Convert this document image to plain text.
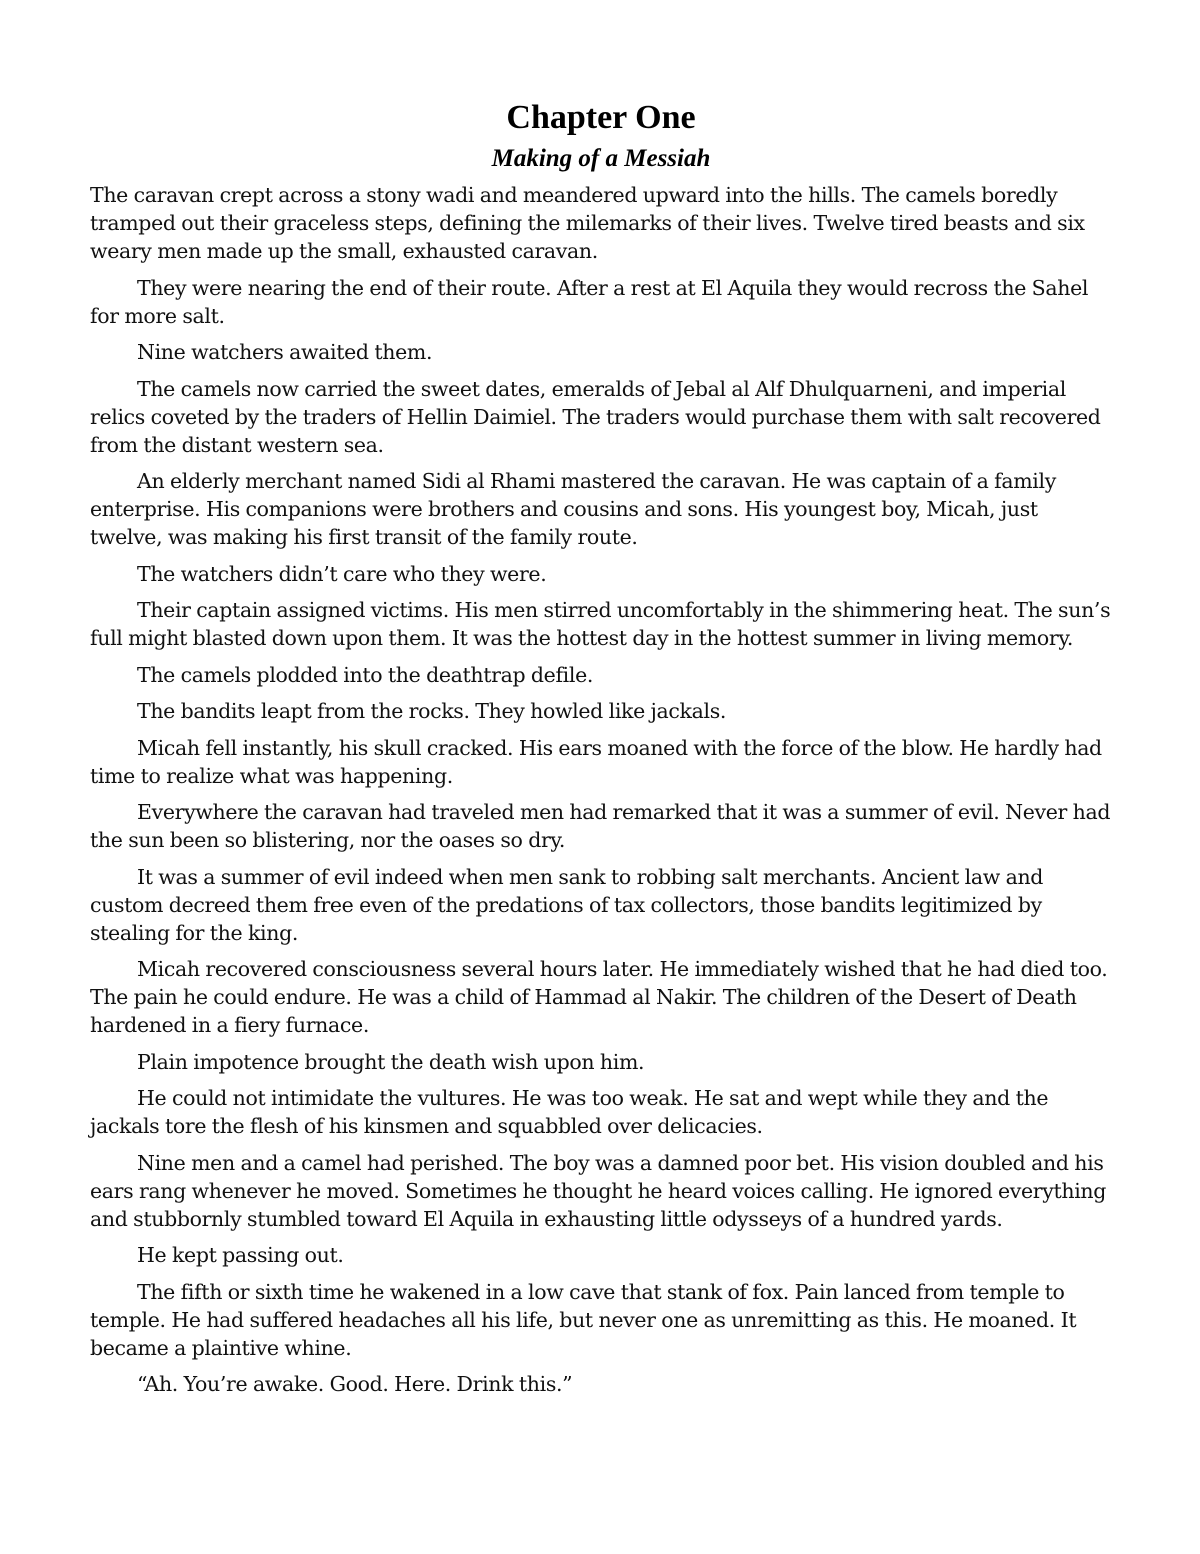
Chapter One
Making of a Messiah

The caravan crept across a stony wadi and meandered upward into the hills. The camels boredly tramped out their graceless steps, defining the milemarks of their lives. Twelve tired beasts and six weary men made up the small, exhausted caravan.

They were nearing the end of their route. After a rest at El Aquila they would recross the Sahel for more salt.

Nine watchers awaited them.

The camels now carried the sweet dates, emeralds of Jebal al Alf Dhulquarneni, and imperial relics coveted by the traders of Hellin Daimiel. The traders would purchase them with salt recovered from the distant western sea.

An elderly merchant named Sidi al Rhami mastered the caravan. He was captain of a family enterprise. His companions were brothers and cousins and sons. His youngest boy, Micah, just twelve, was making his first transit of the family route.

The watchers didn’t care who they were.

Their captain assigned victims. His men stirred uncomfortably in the shimmering heat. The sun’s full might blasted down upon them. It was the hottest day in the hottest summer in living memory.

The camels plodded into the deathtrap defile.

The bandits leapt from the rocks. They howled like jackals.

Micah fell instantly, his skull cracked. His ears moaned with the force of the blow. He hardly had time to realize what was happening.

Everywhere the caravan had traveled men had remarked that it was a summer of evil. Never had the sun been so blistering, nor the oases so dry.

It was a summer of evil indeed when men sank to robbing salt merchants. Ancient law and custom decreed them free even of the predations of tax collectors, those bandits legitimized by stealing for the king.

Micah recovered consciousness several hours later. He immediately wished that he had died too. The pain he could endure. He was a child of Hammad al Nakir. The children of the Desert of Death hardened in a fiery furnace.

Plain impotence brought the death wish upon him.

He could not intimidate the vultures. He was too weak. He sat and wept while they and the jackals tore the flesh of his kinsmen and squabbled over delicacies.

Nine men and a camel had perished. The boy was a damned poor bet. His vision doubled and his ears rang whenever he moved. Sometimes he thought he heard voices calling. He ignored everything and stubbornly stumbled toward El Aquila in exhausting little odysseys of a hundred yards.

He kept passing out.

The fifth or sixth time he wakened in a low cave that stank of fox. Pain lanced from temple to temple. He had suffered headaches all his life, but never one as unremitting as this. He moaned. It became a plaintive whine.

“Ah. You’re awake. Good. Here. Drink this.”
